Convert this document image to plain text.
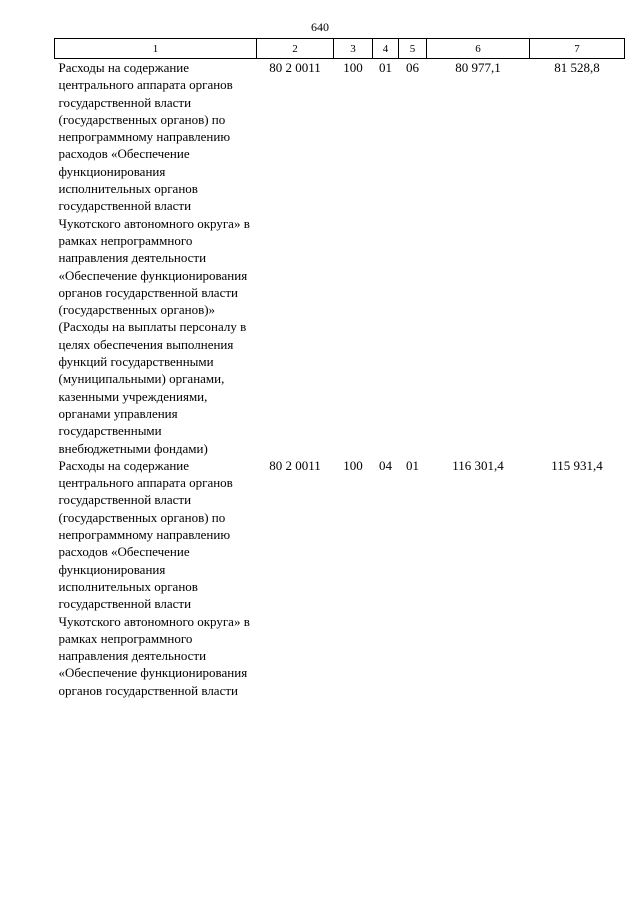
640
1	2	3	4	5	6	7
Расходы на содержание центрального аппарата органов государственной власти (государственных органов) по непрограммному направлению расходов «Обеспечение функционирования исполнительных органов государственной власти Чукотского автономного округа» в рамках непрограммного направления деятельности «Обеспечение функционирования органов государственной власти (государственных органов)» (Расходы на выплаты персоналу в целях обеспечения выполнения функций государственными (муниципальными) органами, казенными учреждениями, органами управления государственными внебюджетными фондами)	80 2 0011	100	01	06	80 977,1	81 528,8
Расходы на содержание центрального аппарата органов государственной власти (государственных органов) по непрограммному направлению расходов «Обеспечение функционирования исполнительных органов государственной власти Чукотского автономного округа» в рамках непрограммного направления деятельности «Обеспечение функционирования органов государственной власти	80 2 0011	100	04	01	116 301,4	115 931,4
